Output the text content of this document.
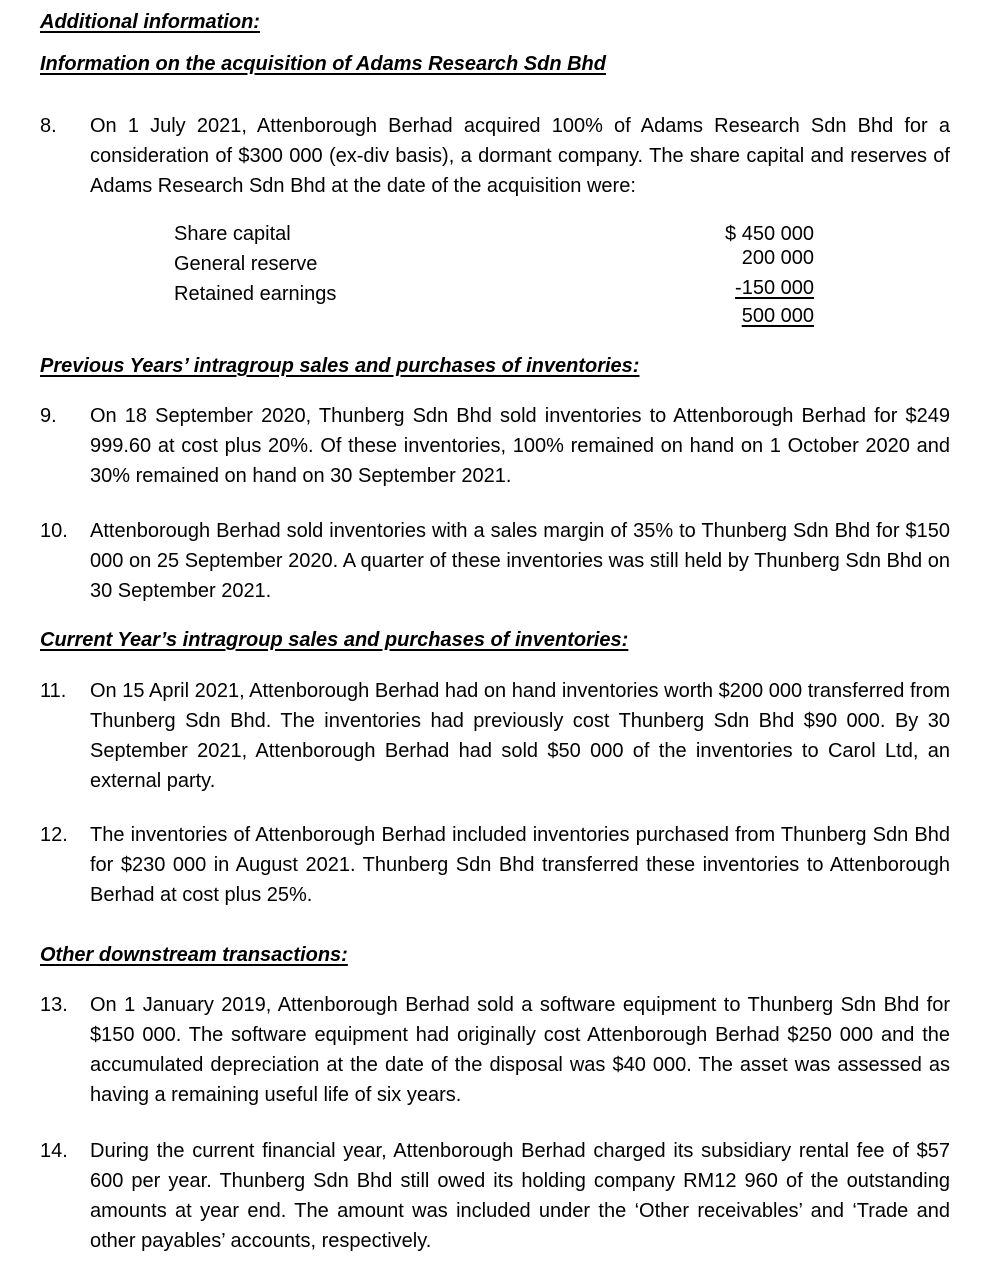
Additional information:
Information on the acquisition of Adams Research Sdn Bhd
8.	On 1 July 2021, Attenborough Berhad acquired 100% of Adams Research Sdn Bhd for a consideration of $300 000 (ex-div basis), a dormant company. The share capital and reserves of Adams Research Sdn Bhd at the date of the acquisition were:
Share capital	$ 450 000
General reserve	200 000
Retained earnings	-150 000
500 000
Previous Years’ intragroup sales and purchases of inventories:
9.	On 18 September 2020, Thunberg Sdn Bhd sold inventories to Attenborough Berhad for $249 999.60 at cost plus 20%. Of these inventories, 100% remained on hand on 1 October 2020 and 30% remained on hand on 30 September 2021.
10.	Attenborough Berhad sold inventories with a sales margin of 35% to Thunberg Sdn Bhd for $150 000 on 25 September 2020. A quarter of these inventories was still held by Thunberg Sdn Bhd on 30 September 2021.
Current Year’s intragroup sales and purchases of inventories:
11.	On 15 April 2021, Attenborough Berhad had on hand inventories worth $200 000 transferred from Thunberg Sdn Bhd. The inventories had previously cost Thunberg Sdn Bhd $90 000. By 30 September 2021, Attenborough Berhad had sold $50 000 of the inventories to Carol Ltd, an external party.
12.	The inventories of Attenborough Berhad included inventories purchased from Thunberg Sdn Bhd for $230 000 in August 2021. Thunberg Sdn Bhd transferred these inventories to Attenborough Berhad at cost plus 25%.
Other downstream transactions:
13.	On 1 January 2019, Attenborough Berhad sold a software equipment to Thunberg Sdn Bhd for $150 000. The software equipment had originally cost Attenborough Berhad $250 000 and the accumulated depreciation at the date of the disposal was $40 000. The asset was assessed as having a remaining useful life of six years.
14.	During the current financial year, Attenborough Berhad charged its subsidiary rental fee of $57 600 per year. Thunberg Sdn Bhd still owed its holding company RM12 960 of the outstanding amounts at year end. The amount was included under the ‘Other receivables’ and ‘Trade and other payables’ accounts, respectively.
